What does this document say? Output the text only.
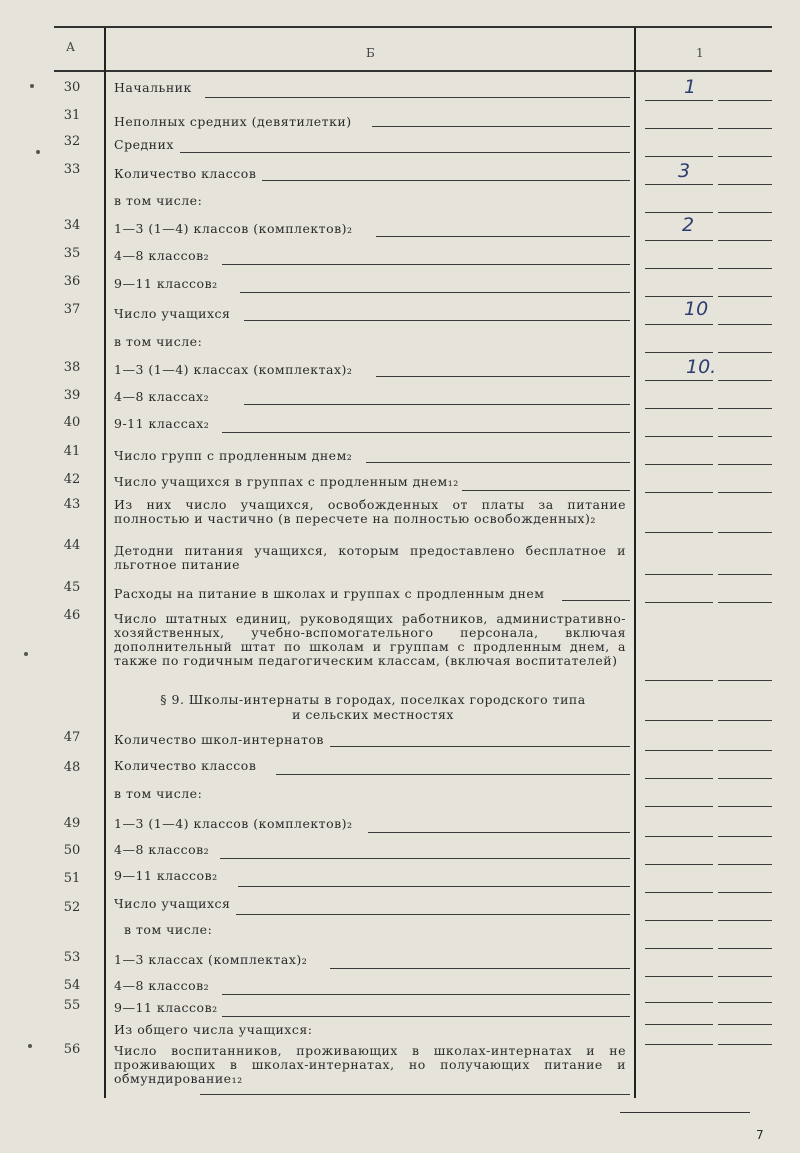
А	Б	1
30	Начальник	1
31	Неполных средних (девятилетки)
32	Средних
33	Количество классов	3
в том числе:
34	1—3 (1—4) классов (комплектов)₂	2
35	4—8 классов₂
36	9—11 классов₂
37	Число учащихся	10
в том числе:
38	1—3 (1—4) классах (комплектах)₂	10.
39	4—8 классах₂
40	9-11 классах₂
41	Число групп с продленным днем₂
42	Число учащихся в группах с продленным днем₁₂
43	Из них число учащихся, освобожденных от платы за питание полностью и частично (в пересчете на полностью освобожденных)₂
44	Детодни питания учащихся, которым предоставлено бесплатное и льготное питание
45	Расходы на питание в школах и группах с продленным днем
46	Число штатных единиц, руководящих работников, административно-хозяйственных, учебно-вспомогательного персонала, включая дополнительный штат по школам и группам с продленным днем, а также по годичным педагогическим классам, (включая воспитателей)
§ 9. Школы-интернаты в городах, поселках городского типа
и сельских местностях
47	Количество школ-интернатов
48	Количество классов
в том числе:
49	1—3 (1—4) классов (комплектов)₂
50	4—8 классов₂
51	9—11 классов₂
52	Число учащихся
в том числе:
53	1—3 классах (комплектах)₂
54	4—8 классов₂
55	9—11 классов₂
Из общего числа учащихся:
56	Число воспитанников, проживающих в школах-интернатах и не проживающих в школах-интернатах, но получающих питание и обмундирование₁₂
7
